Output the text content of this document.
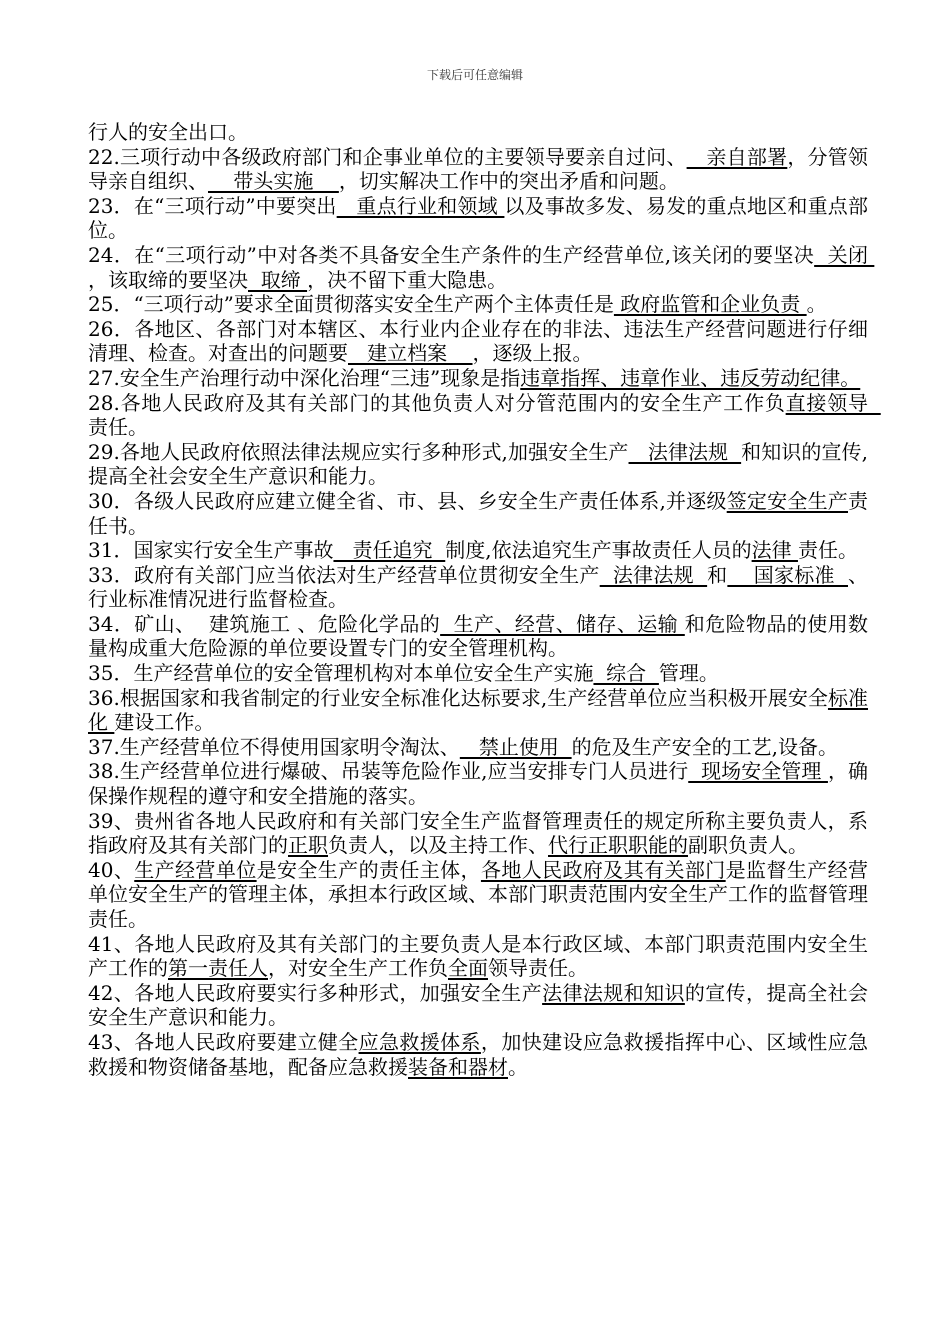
下载后可任意编辑

行人的安全出口。

22.三项行动中各级政府部门和企事业单位的主要领导要亲自过问、   亲自部署，分管领导亲自组织、    带头实施    ，切实解决工作中的突出矛盾和问题。

23．在“三项行动”中要突出   重点行业和领域 以及事故多发、易发的重点地区和重点部位。

24．在“三项行动”中对各类不具备安全生产条件的生产经营单位,该关闭的要坚决  关闭 ，该取缔的要坚决  取缔 ，决不留下重大隐患。

25．“三项行动”要求全面贯彻落实安全生产两个主体责任是 政府监管和企业负责 。

26．各地区、各部门对本辖区、本行业内企业存在的非法、违法生产经营问题进行仔细清理、检查。对查出的问题要   建立档案    ，逐级上报。

27.安全生产治理行动中深化治理“三违”现象是指违章指挥、违章作业、违反劳动纪律。

28.各地人民政府及其有关部门的其他负责人对分管范围内的安全生产工作负直接领导  责任。

29.各地人民政府依照法律法规应实行多种形式,加强安全生产   法律法规  和知识的宣传,提高全社会安全生产意识和能力。

30．各级人民政府应建立健全省、市、县、乡安全生产责任体系,并逐级签定安全生产责任书。

31．国家实行安全生产事故   责任追究  制度,依法追究生产事故责任人员的法律 责任。

33．政府有关部门应当依法对生产经营单位贯彻安全生产  法律法规  和    国家标准  、行业标准情况进行监督检查。

34．矿山、  建筑施工 、危险化学品的  生产、经营、储存、运输 和危险物品的使用数量构成重大危险源的单位要设置专门的安全管理机构。

35．生产经营单位的安全管理机构对本单位安全生产实施  综合  管理。

36.根据国家和我省制定的行业安全标准化达标要求,生产经营单位应当积极开展安全标准化 建设工作。

37.生产经营单位不得使用国家明令淘汰、   禁止使用  的危及生产安全的工艺,设备。

38.生产经营单位进行爆破、吊装等危险作业,应当安排专门人员进行  现场安全管理 ，确保操作规程的遵守和安全措施的落实。

39、贵州省各地人民政府和有关部门安全生产监督管理责任的规定所称主要负责人，系指政府及其有关部门的正职负责人，以及主持工作、代行正职职能的副职负责人。

40、生产经营单位是安全生产的责任主体，各地人民政府及其有关部门是监督生产经营单位安全生产的管理主体，承担本行政区域、本部门职责范围内安全生产工作的监督管理责任。

41、各地人民政府及其有关部门的主要负责人是本行政区域、本部门职责范围内安全生产工作的第一责任人，对安全生产工作负全面领导责任。

42、各地人民政府要实行多种形式，加强安全生产法律法规和知识的宣传，提高全社会安全生产意识和能力。

43、各地人民政府要建立健全应急救援体系，加快建设应急救援指挥中心、区域性应急救援和物资储备基地，配备应急救援装备和器材。
